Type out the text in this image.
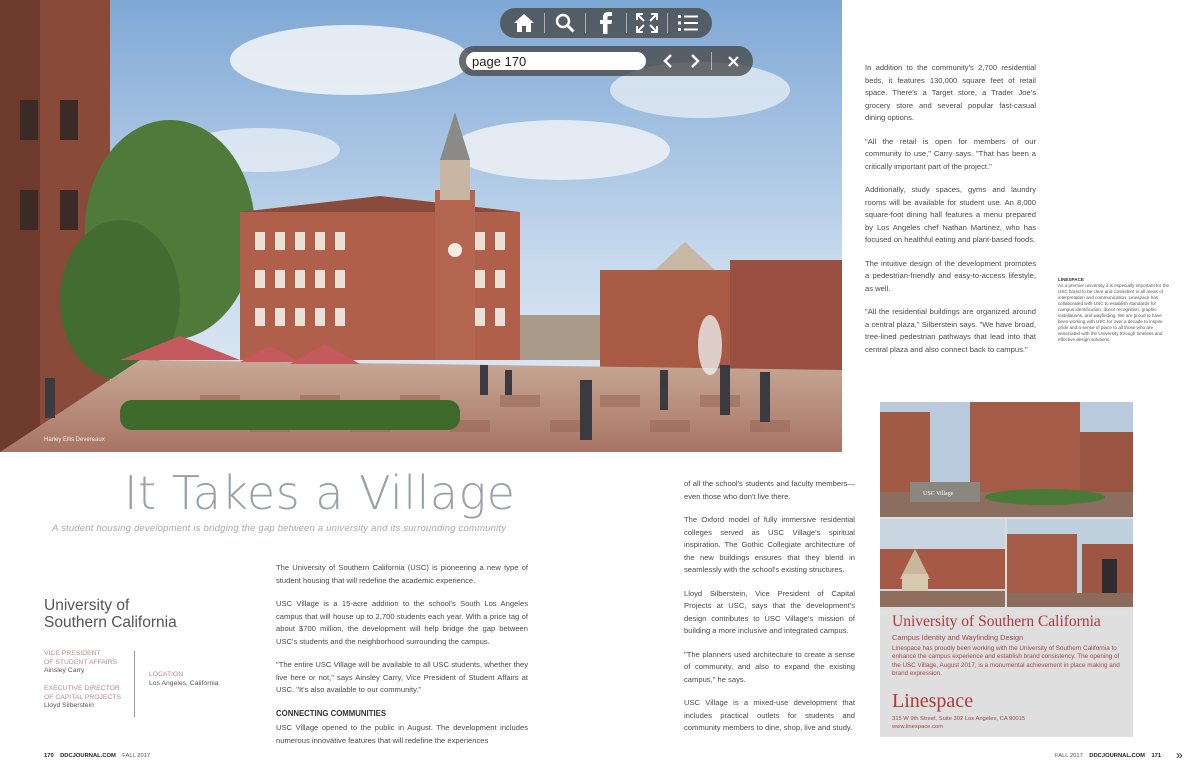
Harley Ellis Devereaux
page 170
It Takes a Village
A student housing development is bridging the gap between a university and its surrounding community
University of
Southern California
VICE PRESIDENT
OF STUDENT AFFAIRS
Ainsley Carry
EXECUTIVE DIRECTOR
OF CAPITAL PROJECTS
Lloyd Silberstein
LOCATION
Los Angeles, California

The University of Southern California (USC) is pioneering a new type of student housing that will redefine the academic experience.

USC Village is a 15-acre addition to the school's South Los Angeles campus that will house up to 2,700 students each year. With a price tag of about $700 million, the development will help bridge the gap between USC's students and the neighborhood surrounding the campus.

"The entire USC Village will be available to all USC students, whether they live here or not," says Ainsley Carry, Vice President of Student Affairs at USC. "It's also available to our community."

CONNECTING COMMUNITIES
USC Village opened to the public in August. The development includes numerous innovative features that will redefine the experiences

of all the school's students and faculty members—even those who don't live there.

The Oxford model of fully immersive residential colleges served as USC Village's spiritual inspiration. The Gothic Collegiate architecture of the new buildings ensures that they blend in seamlessly with the school's existing structures.

Lloyd Silberstein, Vice President of Capital Projects at USC, says that the development's design contributes to USC Village's mission of building a more inclusive and integrated campus.

"The planners used architecture to create a sense of community, and also to expand the existing campus," he says.

USC Village is a mixed-use development that includes practical outlets for students and community members to dine, shop, live and study.

In addition to the community's 2,700 residential beds, it features 130,000 square feet of retail space. There's a Target store, a Trader Joe's grocery store and several popular fast-casual dining options.

"All the retail is open for members of our community to use," Carry says. "That has been a critically important part of the project."

Additionally, study spaces, gyms and laundry rooms will be available for student use. An 8,000 square-foot dining hall features a menu prepared by Los Angeles chef Nathan Martinez, who has focused on healthful eating and plant-based foods.

The intuitive design of the development promotes a pedestrian-friendly and easy-to-access lifestyle, as well.

"All the residential buildings are organized around a central plaza," Silberstein says. "We have broad, tree-lined pedestrian pathways that lead into that central plaza and also connect back to campus."

LINESPACE
As a premier university it is especially important for the USC brand to be clear and consistent in all areas of interpretation and communication. Linespace has collaborated with USC to establish standards for campus identification, donor recognition, graphic installations, and wayfinding. We are proud to have been working with USC for over a decade to inspire pride and a sense of place to all those who are associated with the University through timeless and effective design solutions.
USC Village
University of Southern California
Campus Identity and Wayfinding Design
Linespace has proudly been working with the University of Southern California to enhance the campus experience and establish brand consistency. The opening of the USC Village, August 2017, is a monumental achievement in place making and brand expression.
Linespace
315 W 9th Street, Suite 302 Los Angeles, CA 90015
www.linespace.com
170 DDCJOURNAL.COM FALL 2017	FALL 2017 DDCJOURNAL.COM 171 »
